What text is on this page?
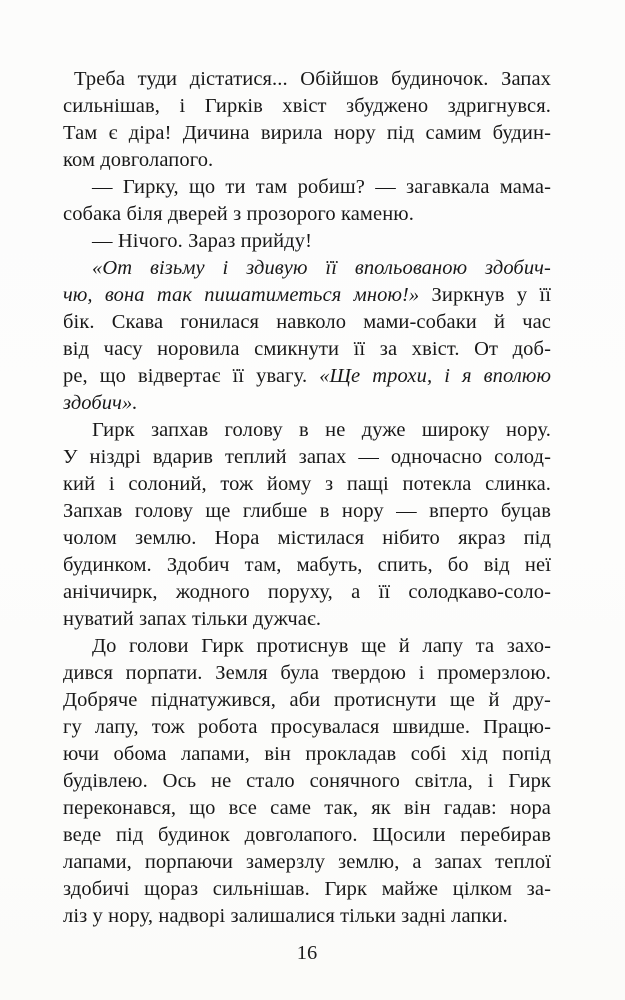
Треба туди дістатися... Обійшов будиночок. Запах
сильнішав, і Гирків хвіст збуджено здригнувся.
Там є діра! Дичина вирила нору під самим будин-
ком довголапого.
— Гирку, що ти там робиш? — загавкала мама-
собака біля дверей з прозорого каменю.
— Нічого. Зараз прийду!
«От візьму і здивую її впольованою здобич-
чю, вона так пишатиметься мною!» Зиркнув у її
бік. Скава гонилася навколо мами-собаки й час
від часу норовила смикнути її за хвіст. От доб-
ре, що відвертає її увагу. «Ще трохи, і я вполюю
здобич».
Гирк запхав голову в не дуже широку нору.
У ніздрі вдарив теплий запах — одночасно солод-
кий і солоний, тож йому з пащі потекла слинка.
Запхав голову ще глибше в нору — вперто буцав
чолом землю. Нора містилася нібито якраз під
будинком. Здобич там, мабуть, спить, бо від неї
анічичирк, жодного поруху, а її солодкаво-соло-
нуватий запах тільки дужчає.
До голови Гирк протиснув ще й лапу та захо-
дився порпати. Земля була твердою і промерзлою.
Добряче піднатужився, аби протиснути ще й дру-
гу лапу, тож робота просувалася швидше. Працю-
ючи обома лапами, він прокладав собі хід попід
будівлею. Ось не стало сонячного світла, і Гирк
переконався, що все саме так, як він гадав: нора
веде під будинок довголапого. Щосили перебирав
лапами, порпаючи замерзлу землю, а запах теплої
здобичі щораз сильнішав. Гирк майже цілком за-
ліз у нору, надворі залишалися тільки задні лапки.
16
